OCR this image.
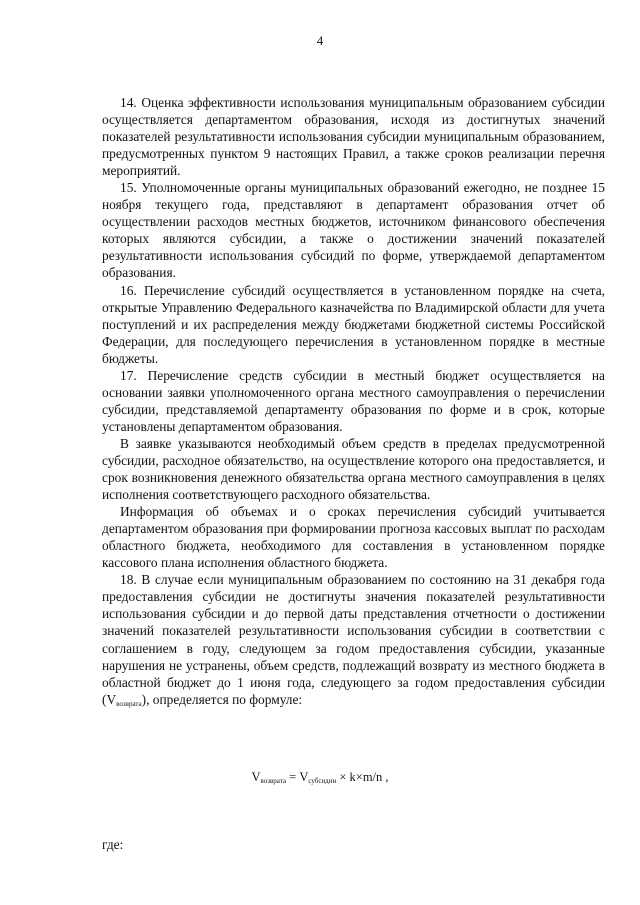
4

14. Оценка эффективности использования муниципальным образованием субсидии осуществляется департаментом образования, исходя из достигнутых значений показателей результативности использования субсидии муниципальным образованием, предусмотренных пунктом 9 настоящих Правил, а также сроков реализации перечня мероприятий.

15. Уполномоченные органы муниципальных образований ежегодно, не позднее 15 ноября текущего года, представляют в департамент образования отчет об осуществлении расходов местных бюджетов, источником финансового обеспечения которых являются субсидии, а также о достижении значений показателей результативности использования субсидий по форме, утверждаемой департаментом образования.

16. Перечисление субсидий осуществляется в установленном порядке на счета, открытые Управлению Федерального казначейства по Владимирской области для учета поступлений и их распределения между бюджетами бюджетной системы Российской Федерации, для последующего перечисления в установленном порядке в местные бюджеты.

17. Перечисление средств субсидии в местный бюджет осуществляется на основании заявки уполномоченного органа местного самоуправления о перечислении субсидии, представляемой департаменту образования по форме и в срок, которые установлены департаментом образования.

В заявке указываются необходимый объем средств в пределах предусмотренной субсидии, расходное обязательство, на осуществление которого она предоставляется, и срок возникновения денежного обязательства органа местного самоуправления в целях исполнения соответствующего расходного обязательства.

Информация об объемах и о сроках перечисления субсидий учитывается департаментом образования при формировании прогноза кассовых выплат по расходам областного бюджета, необходимого для составления в установленном порядке кассового плана исполнения областного бюджета.

18. В случае если муниципальным образованием по состоянию на 31 декабря года предоставления субсидии не достигнуты значения показателей результативности использования субсидии и до первой даты представления отчетности о достижении значений показателей результативности использования субсидии в соответствии с соглашением в году, следующем за годом предоставления субсидии, указанные нарушения не устранены, объем средств, подлежащий возврату из местного бюджета в областной бюджет до 1 июня года, следующего за годом предоставления субсидии $(V_{возврата})$, определяется по формуле:

$V_{возврата} = V_{субсидии} \times k\times m/n$ ,
где:
